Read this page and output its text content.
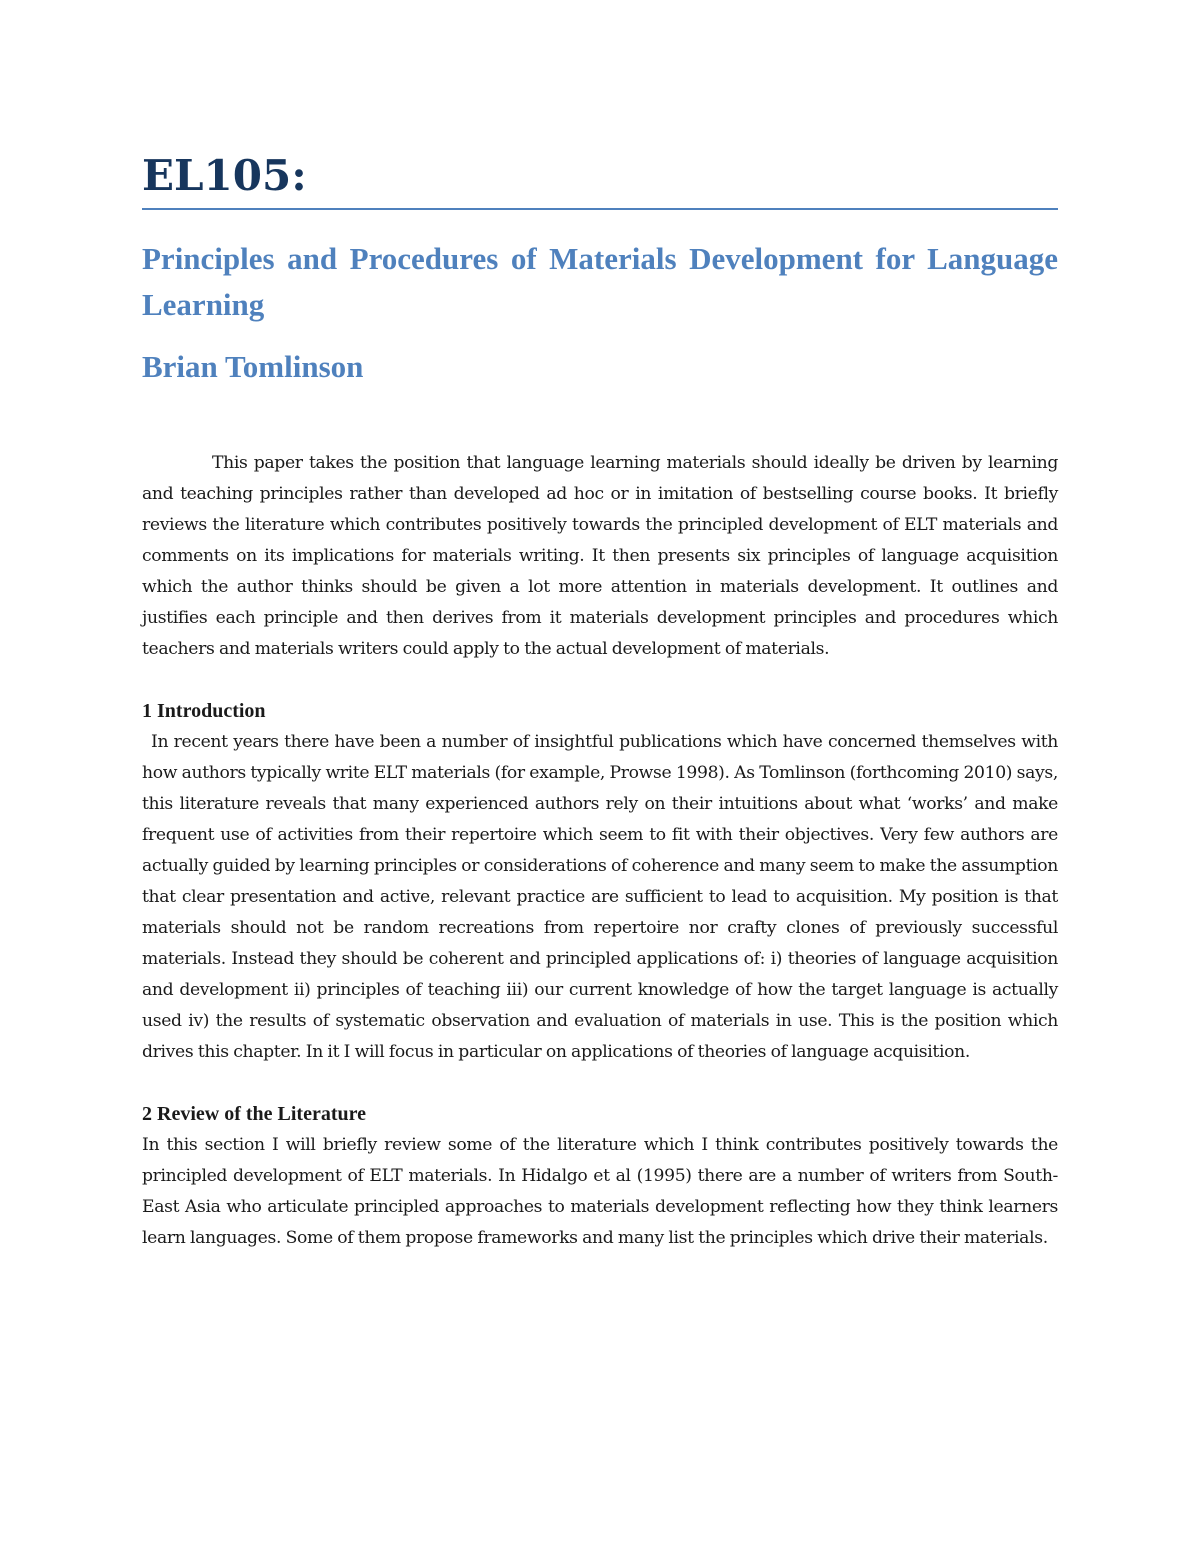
EL105:
Principles and Procedures of Materials Development for Language Learning
Brian Tomlinson

This paper takes the position that language learning materials should ideally be driven by learning and teaching principles rather than developed ad hoc or in imitation of bestselling course books. It briefly reviews the literature which contributes positively towards the principled development of ELT materials and comments on its implications for materials writing. It then presents six principles of language acquisition which the author thinks should be given a lot more attention in materials development. It outlines and justifies each principle and then derives from it materials development principles and procedures which teachers and materials writers could apply to the actual development of materials.

1 Introduction

In recent years there have been a number of insightful publications which have concerned themselves with how authors typically write ELT materials (for example, Prowse 1998). As Tomlinson (forthcoming 2010) says, this literature reveals that many experienced authors rely on their intuitions about what ‘works’ and make frequent use of activities from their repertoire which seem to fit with their objectives. Very few authors are actually guided by learning principles or considerations of coherence and many seem to make the assumption that clear presentation and active, relevant practice are sufficient to lead to acquisition. My position is that materials should not be random recreations from repertoire nor crafty clones of previously successful materials. Instead they should be coherent and principled applications of: i) theories of language acquisition and development ii) principles of teaching iii) our current knowledge of how the target language is actually used iv) the results of systematic observation and evaluation of materials in use. This is the position which drives this chapter. In it I will focus in particular on applications of theories of language acquisition.

2 Review of the Literature

In this section I will briefly review some of the literature which I think contributes positively towards the principled development of ELT materials. In Hidalgo et al (1995) there are a number of writers from South-East Asia who articulate principled approaches to materials development reflecting how they think learners learn languages. Some of them propose frameworks and many list the principles which drive their materials.
